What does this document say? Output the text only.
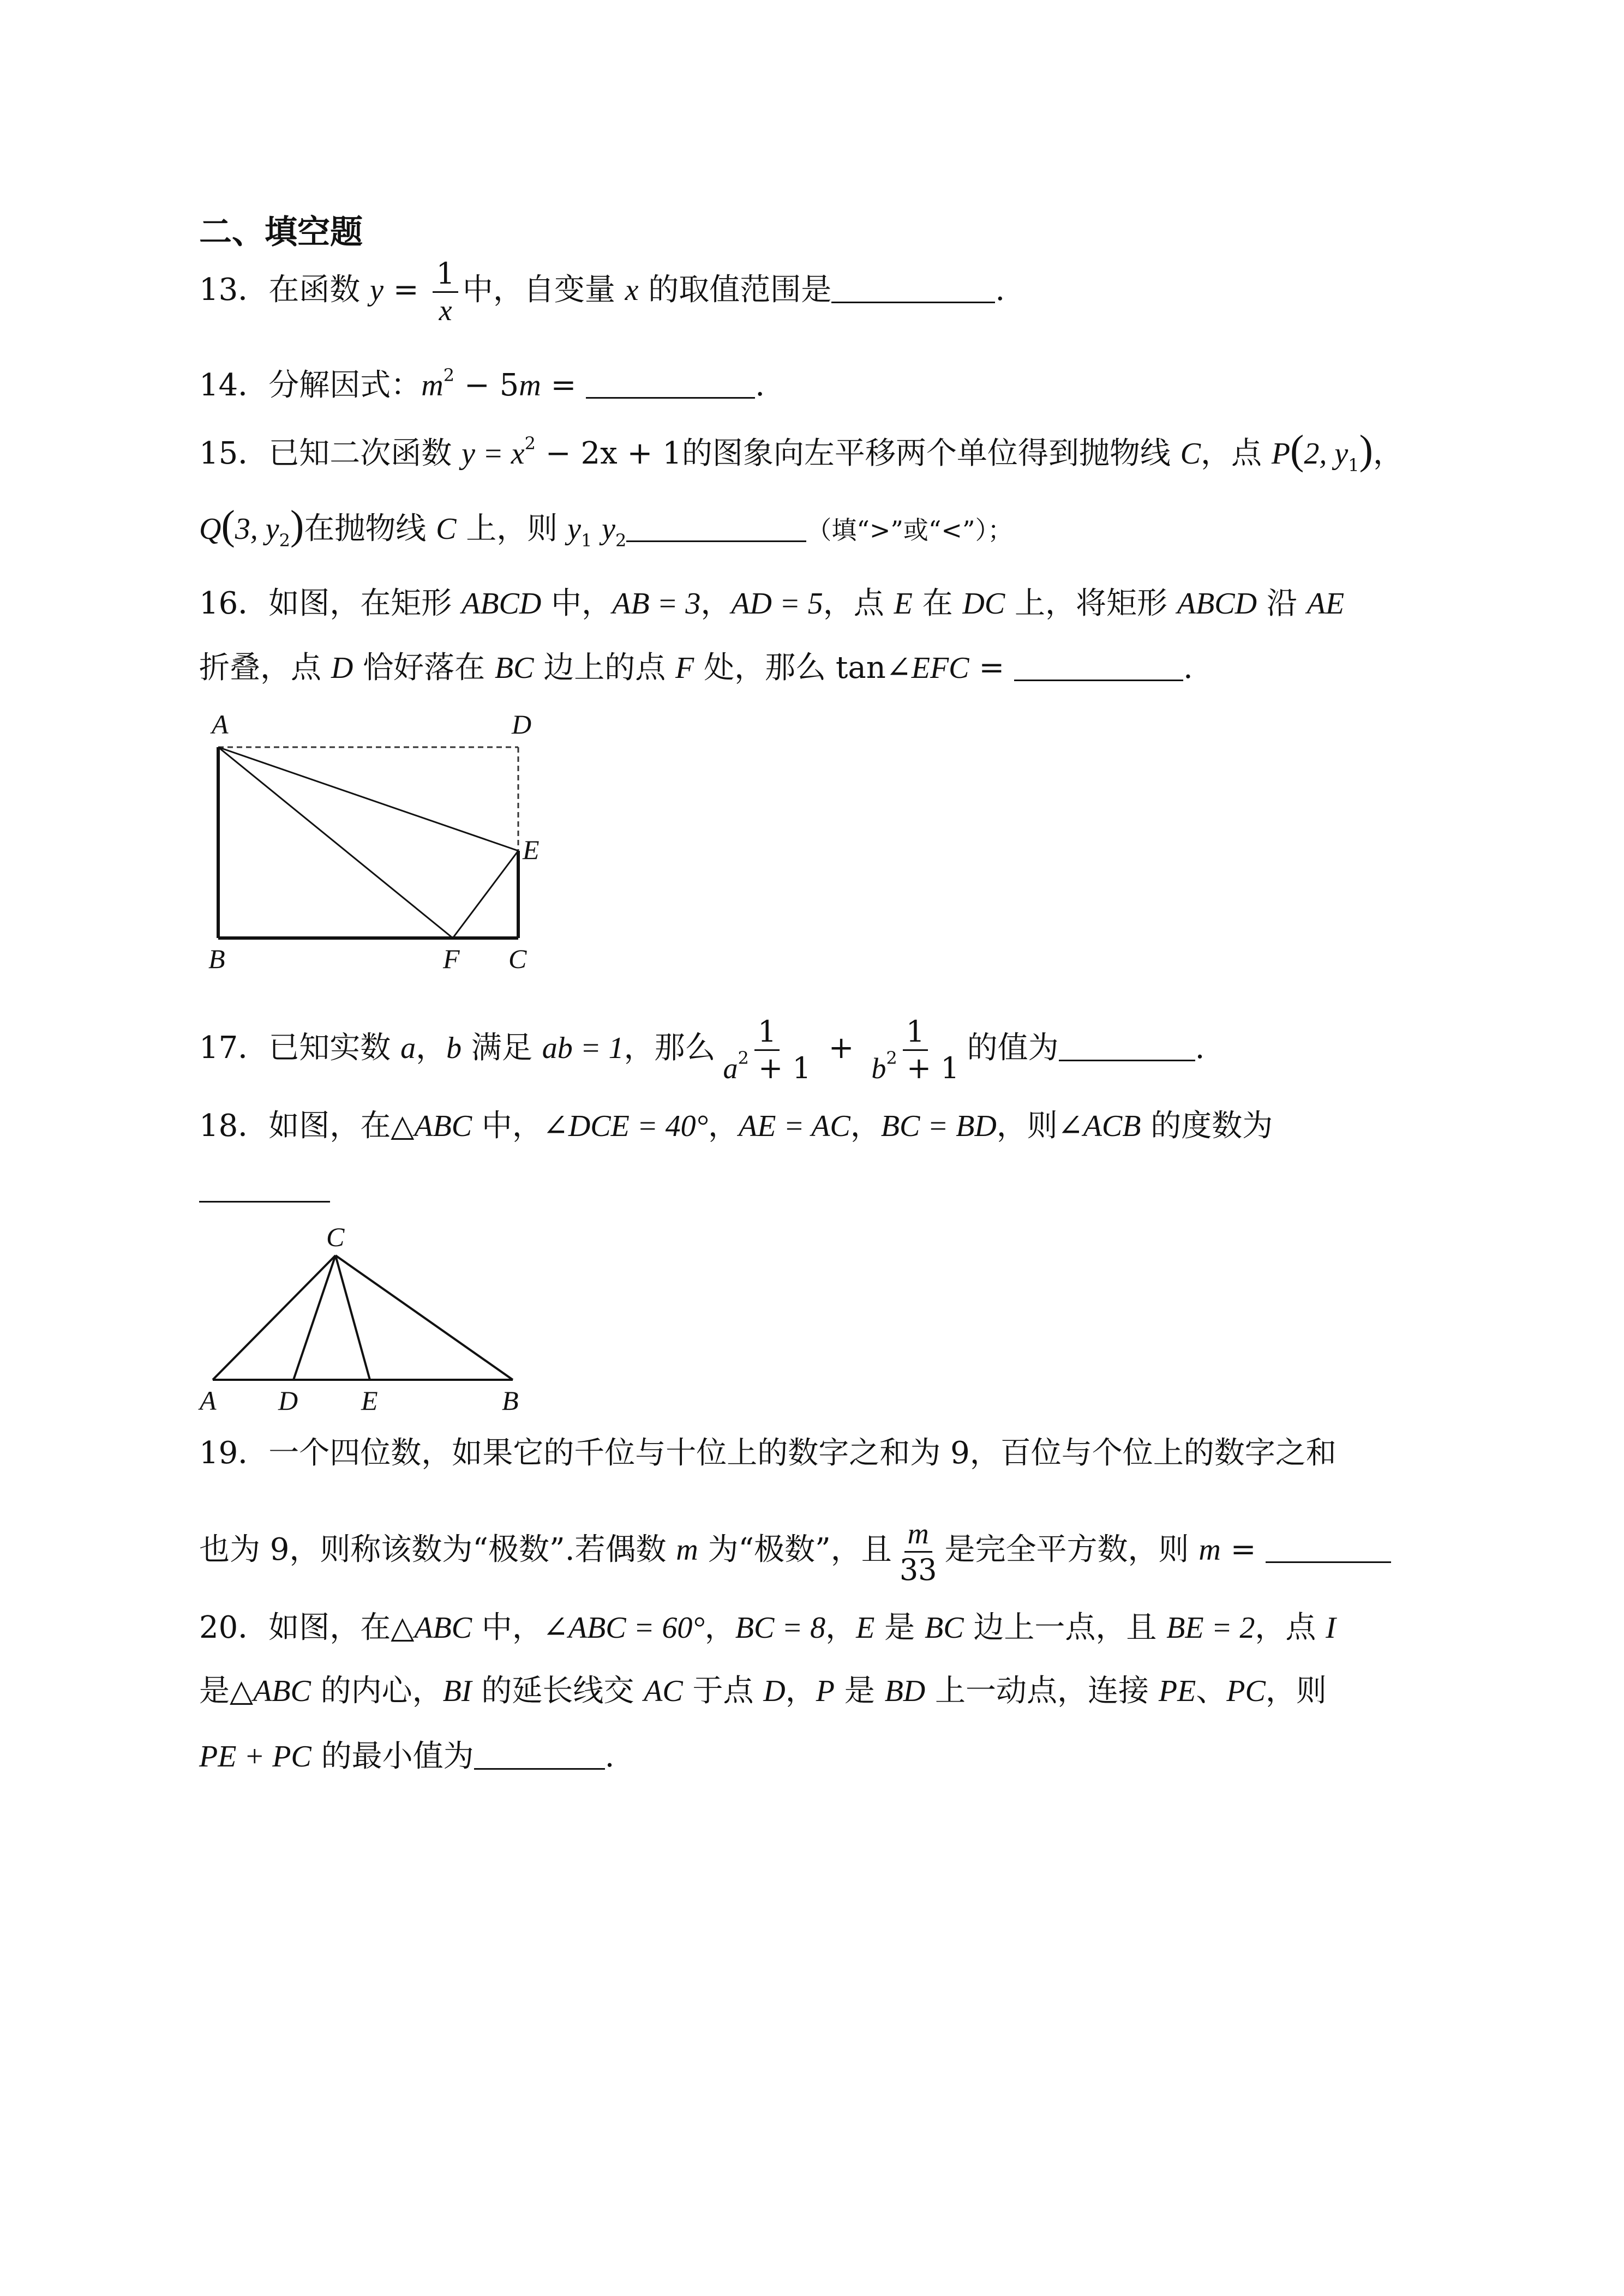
二、填空题
13．在函数 $y = \frac{1}{x}$ 中，自变量 x 的取值范围是	.
14．分解因式：$m^2 - 5m$ =	.
15．已知二次函数 $y = x^2 - 2x + 1$的图象向左平移两个单位得到抛物线 C，点 P(2, $y_1$)，
Q(3, $y_2$)在抛物线 C 上，则 $y_1$ $y_2$	（填“>”或“<”）；
16．如图，在矩形 ABCD 中，AB = 3，AD = 5，点 E 在 DC 上，将矩形 ABCD 沿 AE
折叠，点 D 恰好落在 BC 边上的点 F 处，那么 tan∠EFC =	.
A	D
E
B	F C
17．已知实数 a，b 满足 ab = 1，那么 $\frac{1}{a^2 + 1} + \frac{1}{b^2 + 1}$ 的值为	.
18．如图，在△ABC 中，∠DCE = 40°，AE = AC，BC = BD，则∠ACB 的度数为
C
A D E	B
19．一个四位数，如果它的千位与十位上的数字之和为 9，百位与个位上的数字之和
也为 9，则称该数为“极数”.若偶数 m 为“极数”，且 $\frac{m}{33}$ 是完全平方数，则 m =
20．如图，在△ABC 中，∠ABC = 60°，BC = 8，E 是 BC 边上一点，且 BE = 2，点 I
是△ABC 的内心，BI 的延长线交 AC 于点 D，P 是 BD 上一动点，连接 PE、PC，则
PE + PC 的最小值为	.
